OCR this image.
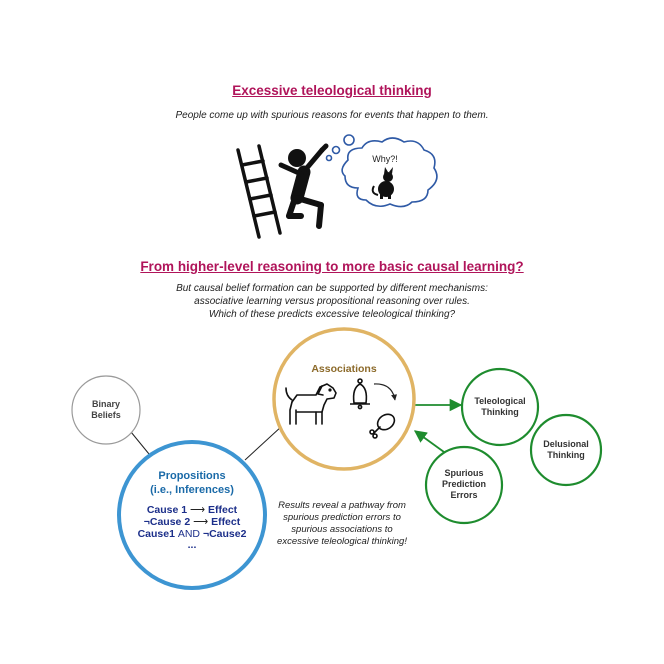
Excessive teleological thinking
People come up with spurious reasons for events that happen to them.
From higher-level reasoning to more basic causal learning?
But causal belief formation can be supported by different mechanisms:
associative learning versus propositional reasoning over rules.
Which of these predicts excessive teleological thinking?
Why?!
Binary
Beliefs
Associations
Propositions
(i.e., Inferences)
Cause 1 ⟶ Effect
¬Cause 2 ⟶ Effect
Cause1 AND ¬Cause2
...
Teleological
Thinking
Delusional
Thinking
Spurious
Prediction
Errors
Results reveal a pathway from
spurious prediction errors to
spurious associations to
excessive teleological thinking!
